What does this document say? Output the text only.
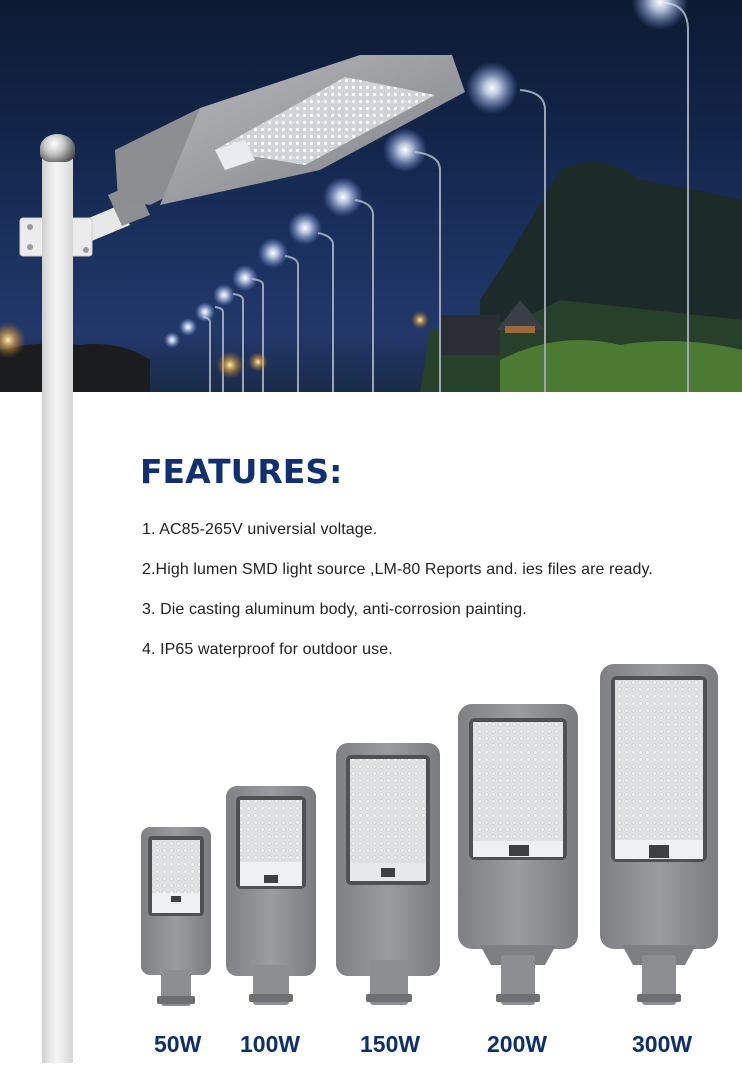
FEATURES:
1. AC85-265V universial voltage.
2.High lumen SMD light source ,LM-80 Reports and. ies files are ready.
3. Die casting aluminum body, anti-corrosion painting.
4. IP65 waterproof for outdoor use.
50W 100W	150W	200W	300W
